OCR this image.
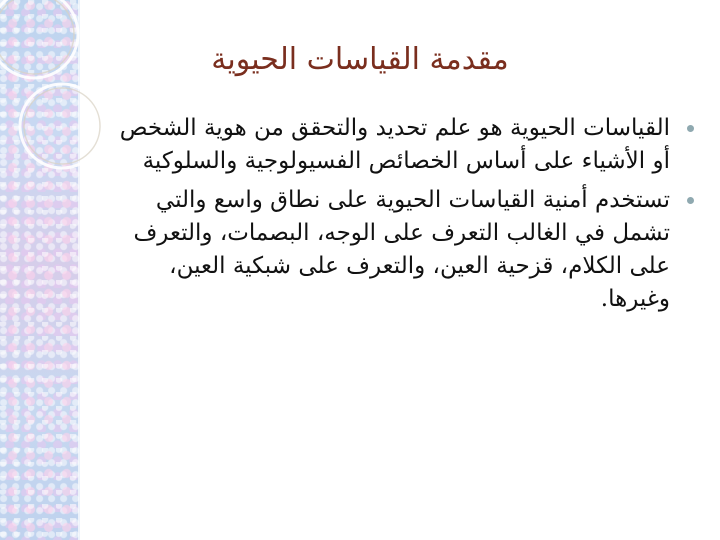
مقدمة القياسات الحيوية
القياسات الحيوية هو علم تحديد والتحقق من هوية الشخص أو الأشياء على أساس الخصائص الفسيولوجية والسلوكية
تستخدم أمنية القياسات الحيوية على نطاق واسع والتي تشمل في الغالب التعرف على الوجه، البصمات، والتعرف على الكلام، قزحية العين، والتعرف على شبكية العين، وغيرها.
